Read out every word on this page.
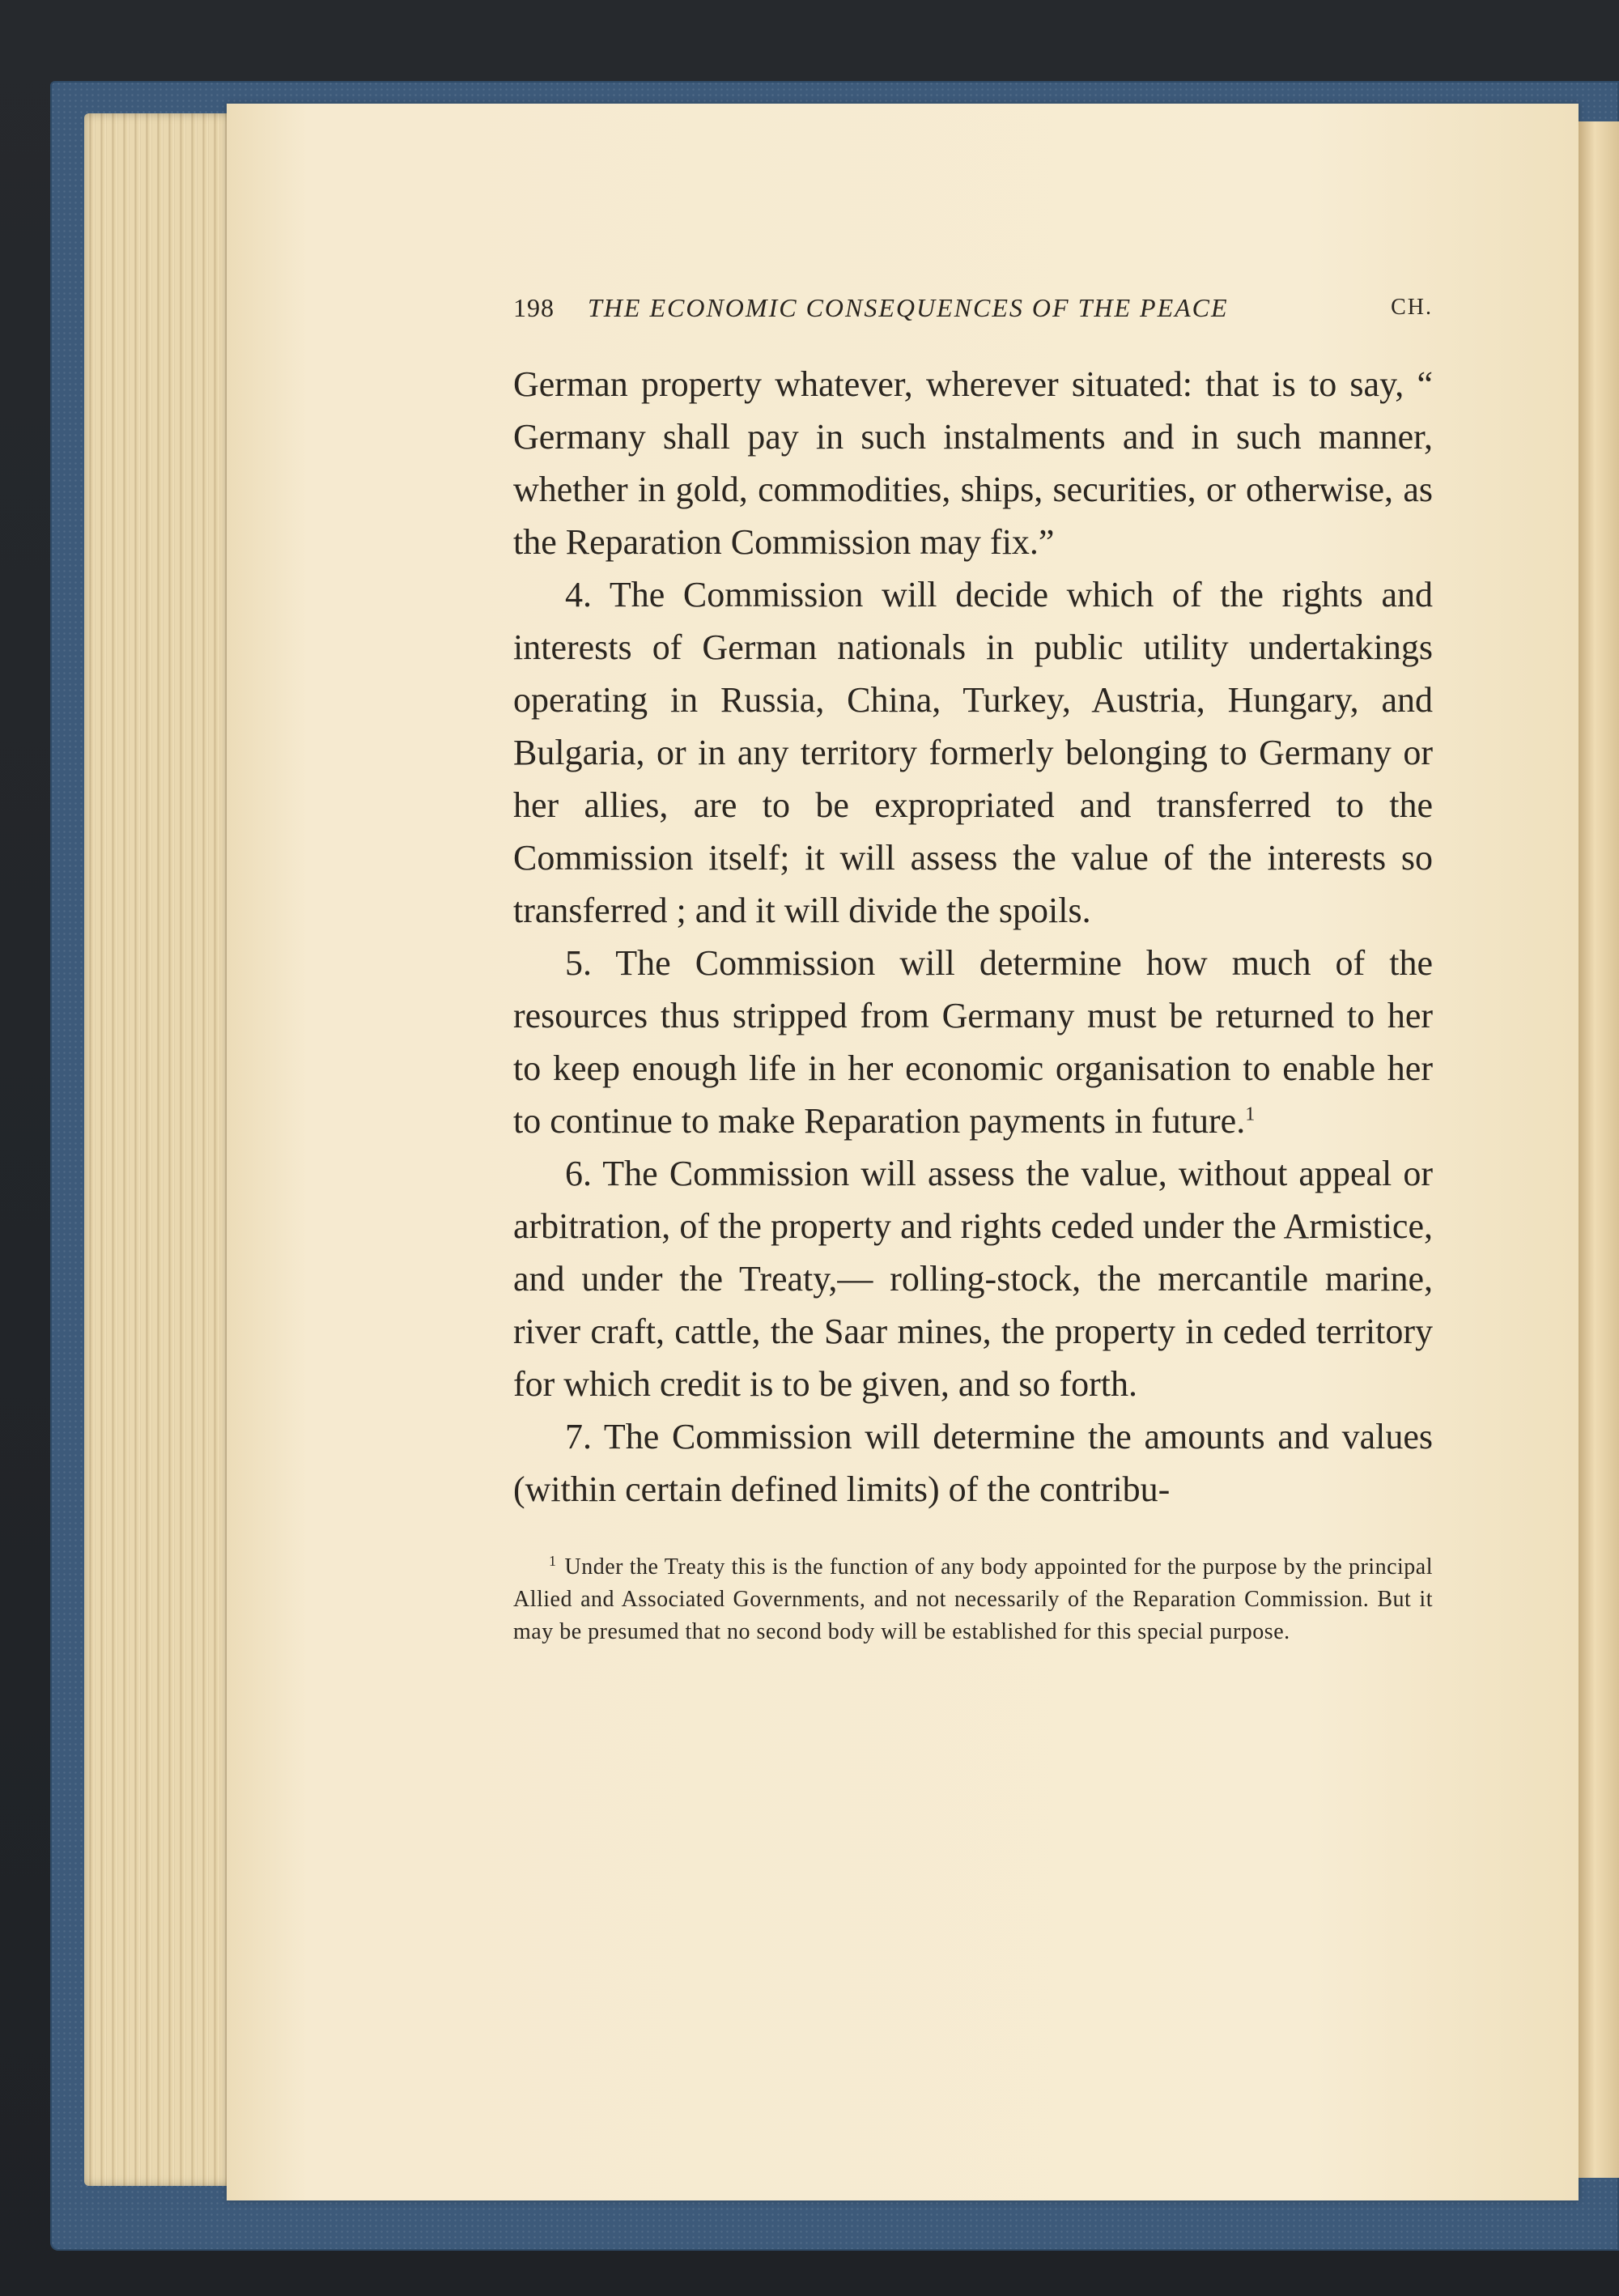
198 THE ECONOMIC CONSEQUENCES OF THE PEACE	CH.

German property whatever, wherever situated: that is to say, “ Germany shall pay in such instalments and in such manner, whether in gold, commodities, ships, securities, or otherwise, as the Reparation Commission may fix.”

4. The Commission will decide which of the rights and interests of German nationals in public utility undertakings operating in Russia, China, Turkey, Austria, Hungary, and Bulgaria, or in any territory formerly belonging to Germany or her allies, are to be expropriated and transferred to the Commission itself; it will assess the value of the interests so transferred ; and it will divide the spoils.

5. The Commission will determine how much of the resources thus stripped from Germany must be returned to her to keep enough life in her economic organisation to enable her to continue to make Reparation payments in future.$^1$

6. The Commission will assess the value, without appeal or arbitration, of the property and rights ceded under the Armistice, and under the Treaty,— rolling-stock, the mercantile marine, river craft, cattle, the Saar mines, the property in ceded territory for which credit is to be given, and so forth.

7. The Commission will determine the amounts and values (within certain defined limits) of the contribu-

$^1$ Under the Treaty this is the function of any body appointed for the purpose by the principal Allied and Associated Governments, and not necessarily of the Reparation Commission. But it may be presumed that no second body will be established for this special purpose.
